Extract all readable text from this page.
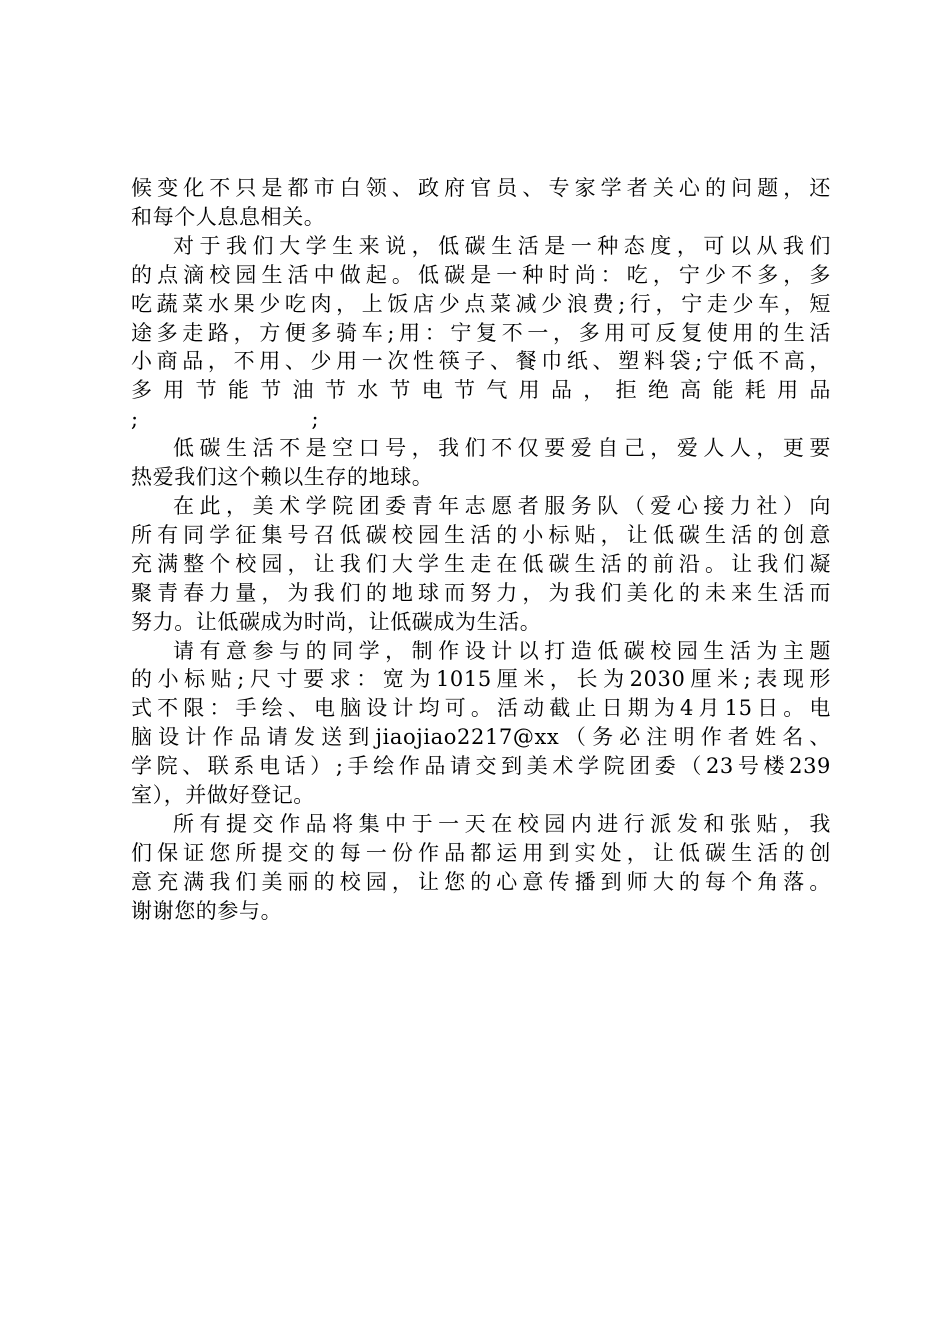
候变化不只是都市白领、政府官员、专家学者关心的问题，还
和每个人息息相关。

对于我们大学生来说，低碳生活是一种态度，可以从我们
的点滴校园生活中做起。低碳是一种时尚：吃，宁少不多，多
吃蔬菜水果少吃肉，上饭店少点菜减少浪费;行，宁走少车，短
途多走路，方便多骑车;用：宁复不一，多用可反复使用的生活
小商品，不用、少用一次性筷子、餐巾纸、塑料袋;宁低不高，
多用节能节油节水节电节气用品，拒绝高能耗用品
;　　　　　　　　;

低碳生活不是空口号，我们不仅要爱自己，爱人人，更要
热爱我们这个赖以生存的地球。

在此，美术学院团委青年志愿者服务队（爱心接力社）向
所有同学征集号召低碳校园生活的小标贴，让低碳生活的创意
充满整个校园，让我们大学生走在低碳生活的前沿。让我们凝
聚青春力量，为我们的地球而努力，为我们美化的未来生活而
努力。让低碳成为时尚，让低碳成为生活。

请有意参与的同学，制作设计以打造低碳校园生活为主题
的小标贴;尺寸要求：宽为1015厘米，长为2030厘米;表现形
式不限：手绘、电脑设计均可。活动截止日期为4月15日。电
脑设计作品请发送到jiaojiao2217@xx（务必注明作者姓名、
学院、联系电话）;手绘作品请交到美术学院团委（23号楼239
室），并做好登记。

所有提交作品将集中于一天在校园内进行派发和张贴，我
们保证您所提交的每一份作品都运用到实处，让低碳生活的创
意充满我们美丽的校园，让您的心意传播到师大的每个角落。
谢谢您的参与。
